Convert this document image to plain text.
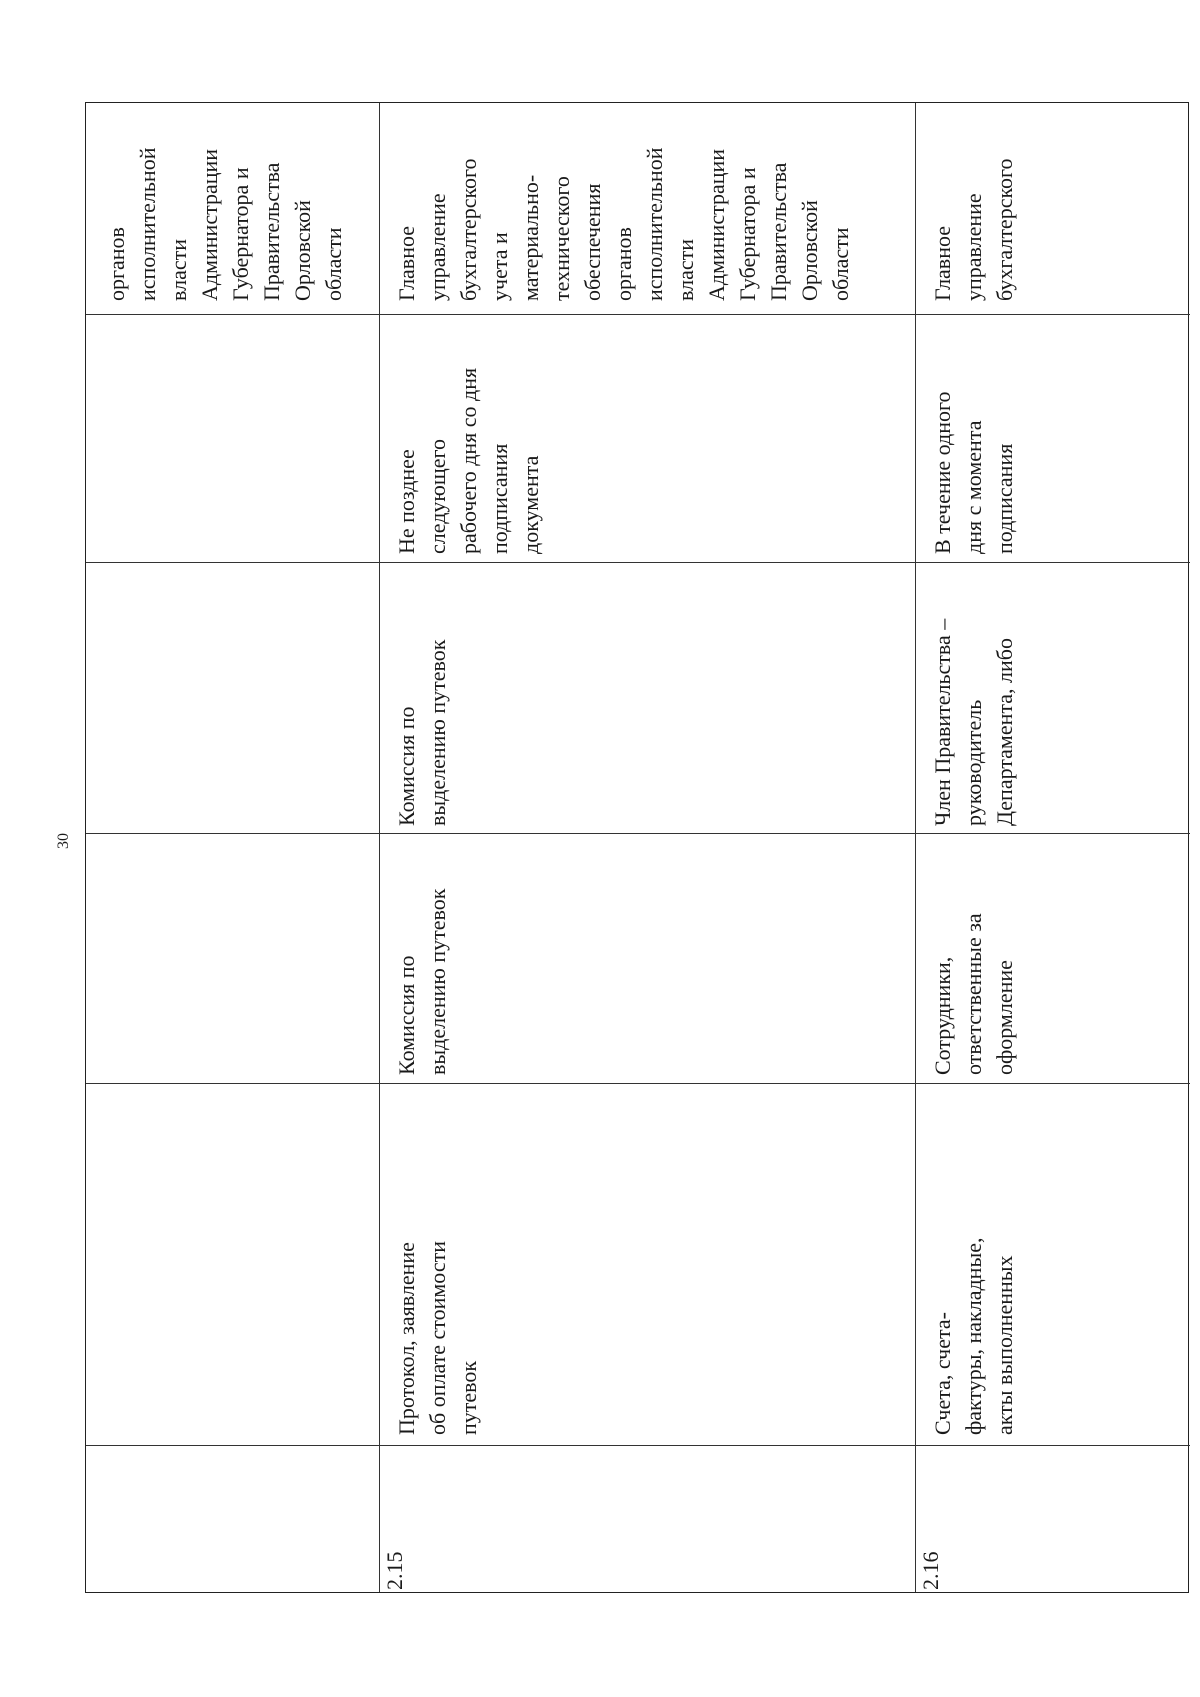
30
органов
исполнительной
власти
Администрации
Губернатора и
Правительства
Орловской
области Главное
управление
бухгалтерского
учета и
материально-
технического
обеспечения
органов
исполнительной
власти
Администрации
Губернатора и
Правительства
Орловской
области
Не позднее
следующего
рабочего дня со дня
подписания
документа
Комиссия по
выделению путевок
Комиссия по
выделению путевок
2.15
Протокол, заявление
об оплате стоимости
путевок
Главное
управление
бухгалтерского
В течение одного
дня с момента
подписания
Член Правительства –
руководитель
Департамента, либо
Сотрудники,
ответственные за
оформление
2.16
Счета, счета-
фактуры, накладные,
акты выполненных
